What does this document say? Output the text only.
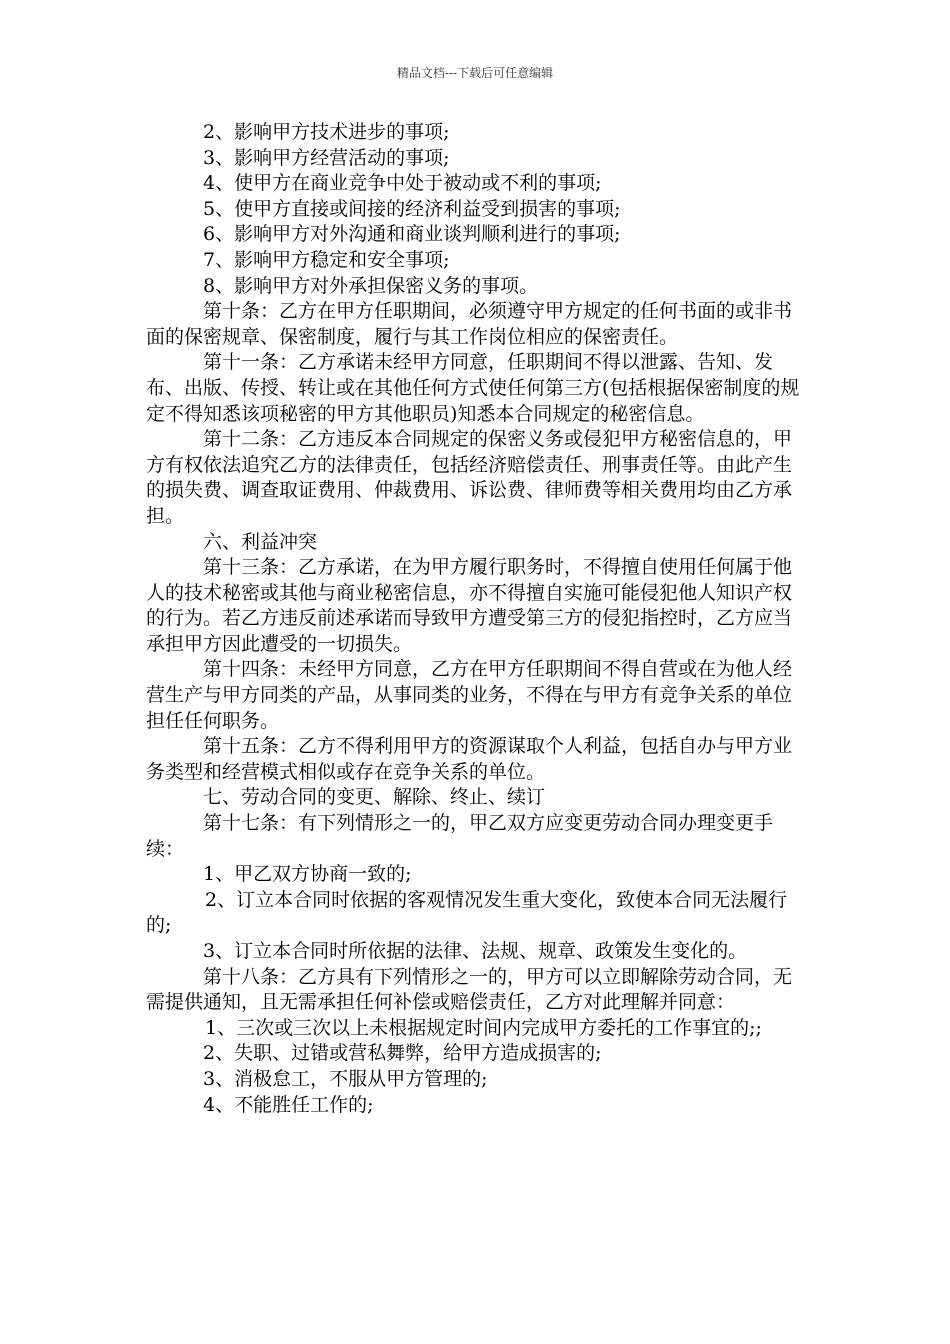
精品文档---下载后可任意编辑

2、影响甲方技术进步的事项;

3、影响甲方经营活动的事项;

4、使甲方在商业竞争中处于被动或不利的事项;

5、使甲方直接或间接的经济利益受到损害的事项;

6、影响甲方对外沟通和商业谈判顺利进行的事项;

7、影响甲方稳定和安全事项;

8、影响甲方对外承担保密义务的事项。

第十条：乙方在甲方任职期间，必须遵守甲方规定的任何书面的或非书面的保密规章、保密制度，履行与其工作岗位相应的保密责任。

第十一条：乙方承诺未经甲方同意，任职期间不得以泄露、告知、发布、出版、传授、转让或在其他任何方式使任何第三方(包括根据保密制度的规定不得知悉该项秘密的甲方其他职员)知悉本合同规定的秘密信息。

第十二条：乙方违反本合同规定的保密义务或侵犯甲方秘密信息的，甲方有权依法追究乙方的法律责任，包括经济赔偿责任、刑事责任等。由此产生的损失费、调查取证费用、仲裁费用、诉讼费、律师费等相关费用均由乙方承担。

六、利益冲突

第十三条：乙方承诺，在为甲方履行职务时，不得擅自使用任何属于他人的技术秘密或其他与商业秘密信息，亦不得擅自实施可能侵犯他人知识产权的行为。若乙方违反前述承诺而导致甲方遭受第三方的侵犯指控时，乙方应当承担甲方因此遭受的一切损失。

第十四条：未经甲方同意，乙方在甲方任职期间不得自营或在为他人经营生产与甲方同类的产品，从事同类的业务，不得在与甲方有竞争关系的单位担任任何职务。

第十五条：乙方不得利用甲方的资源谋取个人利益，包括自办与甲方业务类型和经营模式相似或存在竞争关系的单位。

七、劳动合同的变更、解除、终止、续订

第十七条：有下列情形之一的，甲乙双方应变更劳动合同办理变更手续：

1、甲乙双方协商一致的;

2、订立本合同时依据的客观情况发生重大变化，致使本合同无法履行的;

3、订立本合同时所依据的法律、法规、规章、政策发生变化的。

第十八条：乙方具有下列情形之一的，甲方可以立即解除劳动合同，无需提供通知，且无需承担任何补偿或赔偿责任，乙方对此理解并同意：

1、三次或三次以上未根据规定时间内完成甲方委托的工作事宜的;;

2、失职、过错或营私舞弊，给甲方造成损害的;

3、消极怠工，不服从甲方管理的;

4、不能胜任工作的;
